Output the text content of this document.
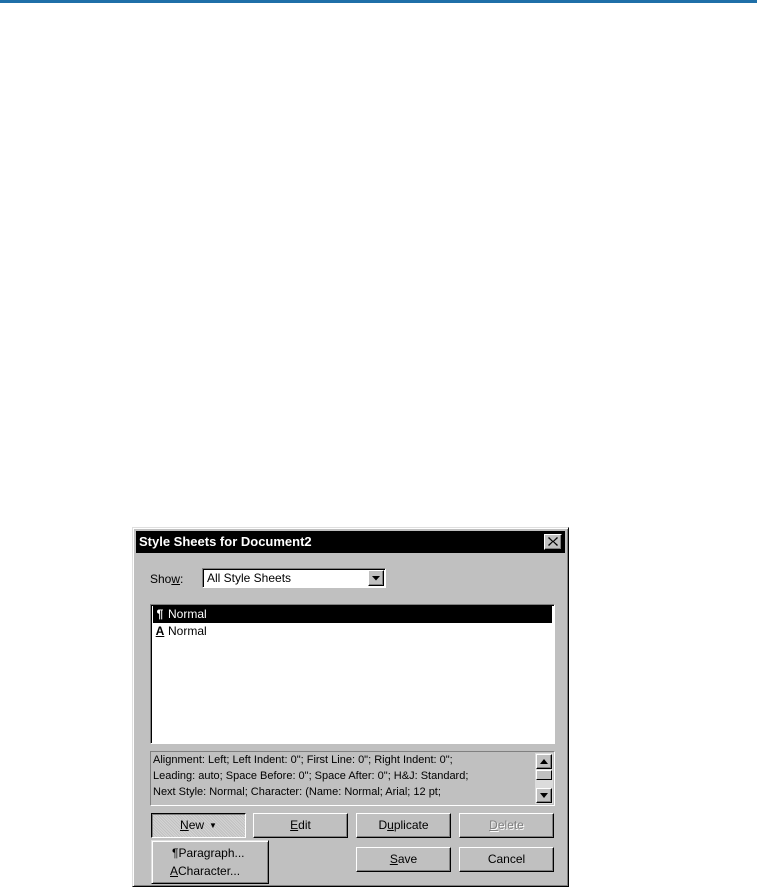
Style Sheets for Document2
Show: All Style Sheets
¶ Normal
A Normal
Alignment: Left; Left Indent: 0"; First Line: 0"; Right Indent: 0";
Leading: auto; Space Before: 0"; Space After: 0"; H&J: Standard;
Next Style: Normal; Character: (Name: Normal; Arial; 12 pt;
New ▼	Edit	Duplicate	Delete
¶Paragraph...
ACharacter...
Save	Cancel
